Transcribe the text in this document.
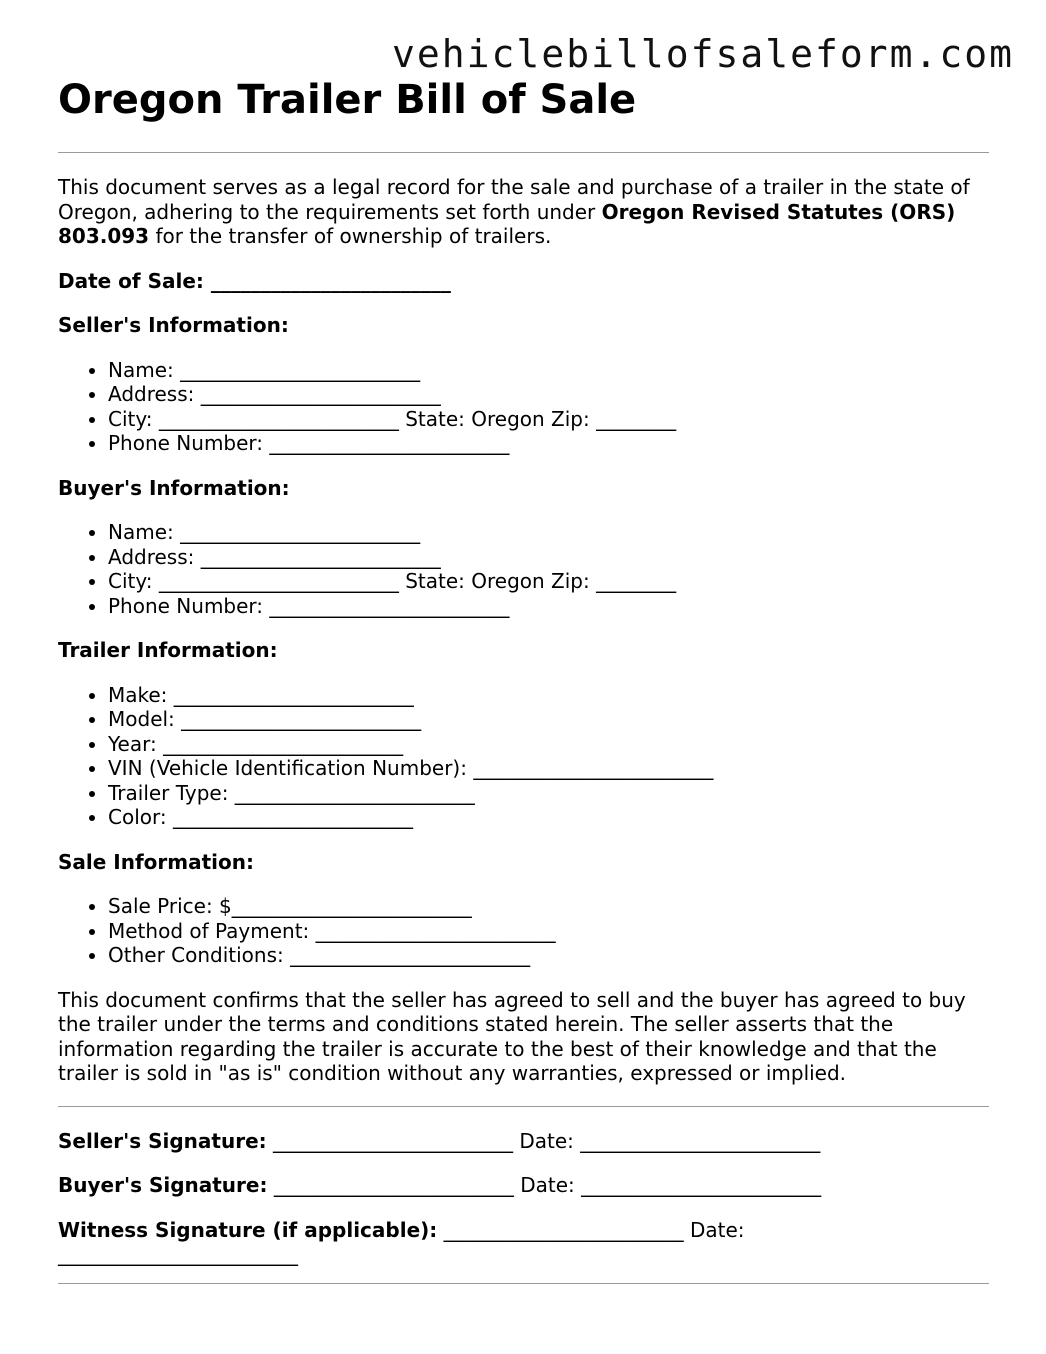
vehiclebillofsaleform.com
Oregon Trailer Bill of Sale

This document serves as a legal record for the sale and purchase of a trailer in the state of Oregon, adhering to the requirements set forth under Oregon Revised Statutes (ORS) 803.093 for the transfer of ownership of trailers.

Date of Sale: ________________________

Seller's Information:

• Name: ________________________
• Address: ________________________
• City: ________________________ State: Oregon Zip: ________
• Phone Number: ________________________

Buyer's Information:

• Name: ________________________
• Address: ________________________
• City: ________________________ State: Oregon Zip: ________
• Phone Number: ________________________

Trailer Information:

• Make: ________________________
• Model: ________________________
• Year: ________________________
• VIN (Vehicle Identification Number): ________________________
• Trailer Type: ________________________
• Color: ________________________

Sale Information:

• Sale Price: $________________________
• Method of Payment: ________________________
• Other Conditions: ________________________

This document confirms that the seller has agreed to sell and the buyer has agreed to buy the trailer under the terms and conditions stated herein. The seller asserts that the information regarding the trailer is accurate to the best of their knowledge and that the trailer is sold in "as is" condition without any warranties, expressed or implied.

Seller's Signature: ________________________ Date: ________________________

Buyer's Signature: ________________________ Date: ________________________

Witness Signature (if applicable): ________________________ Date: ________________________
